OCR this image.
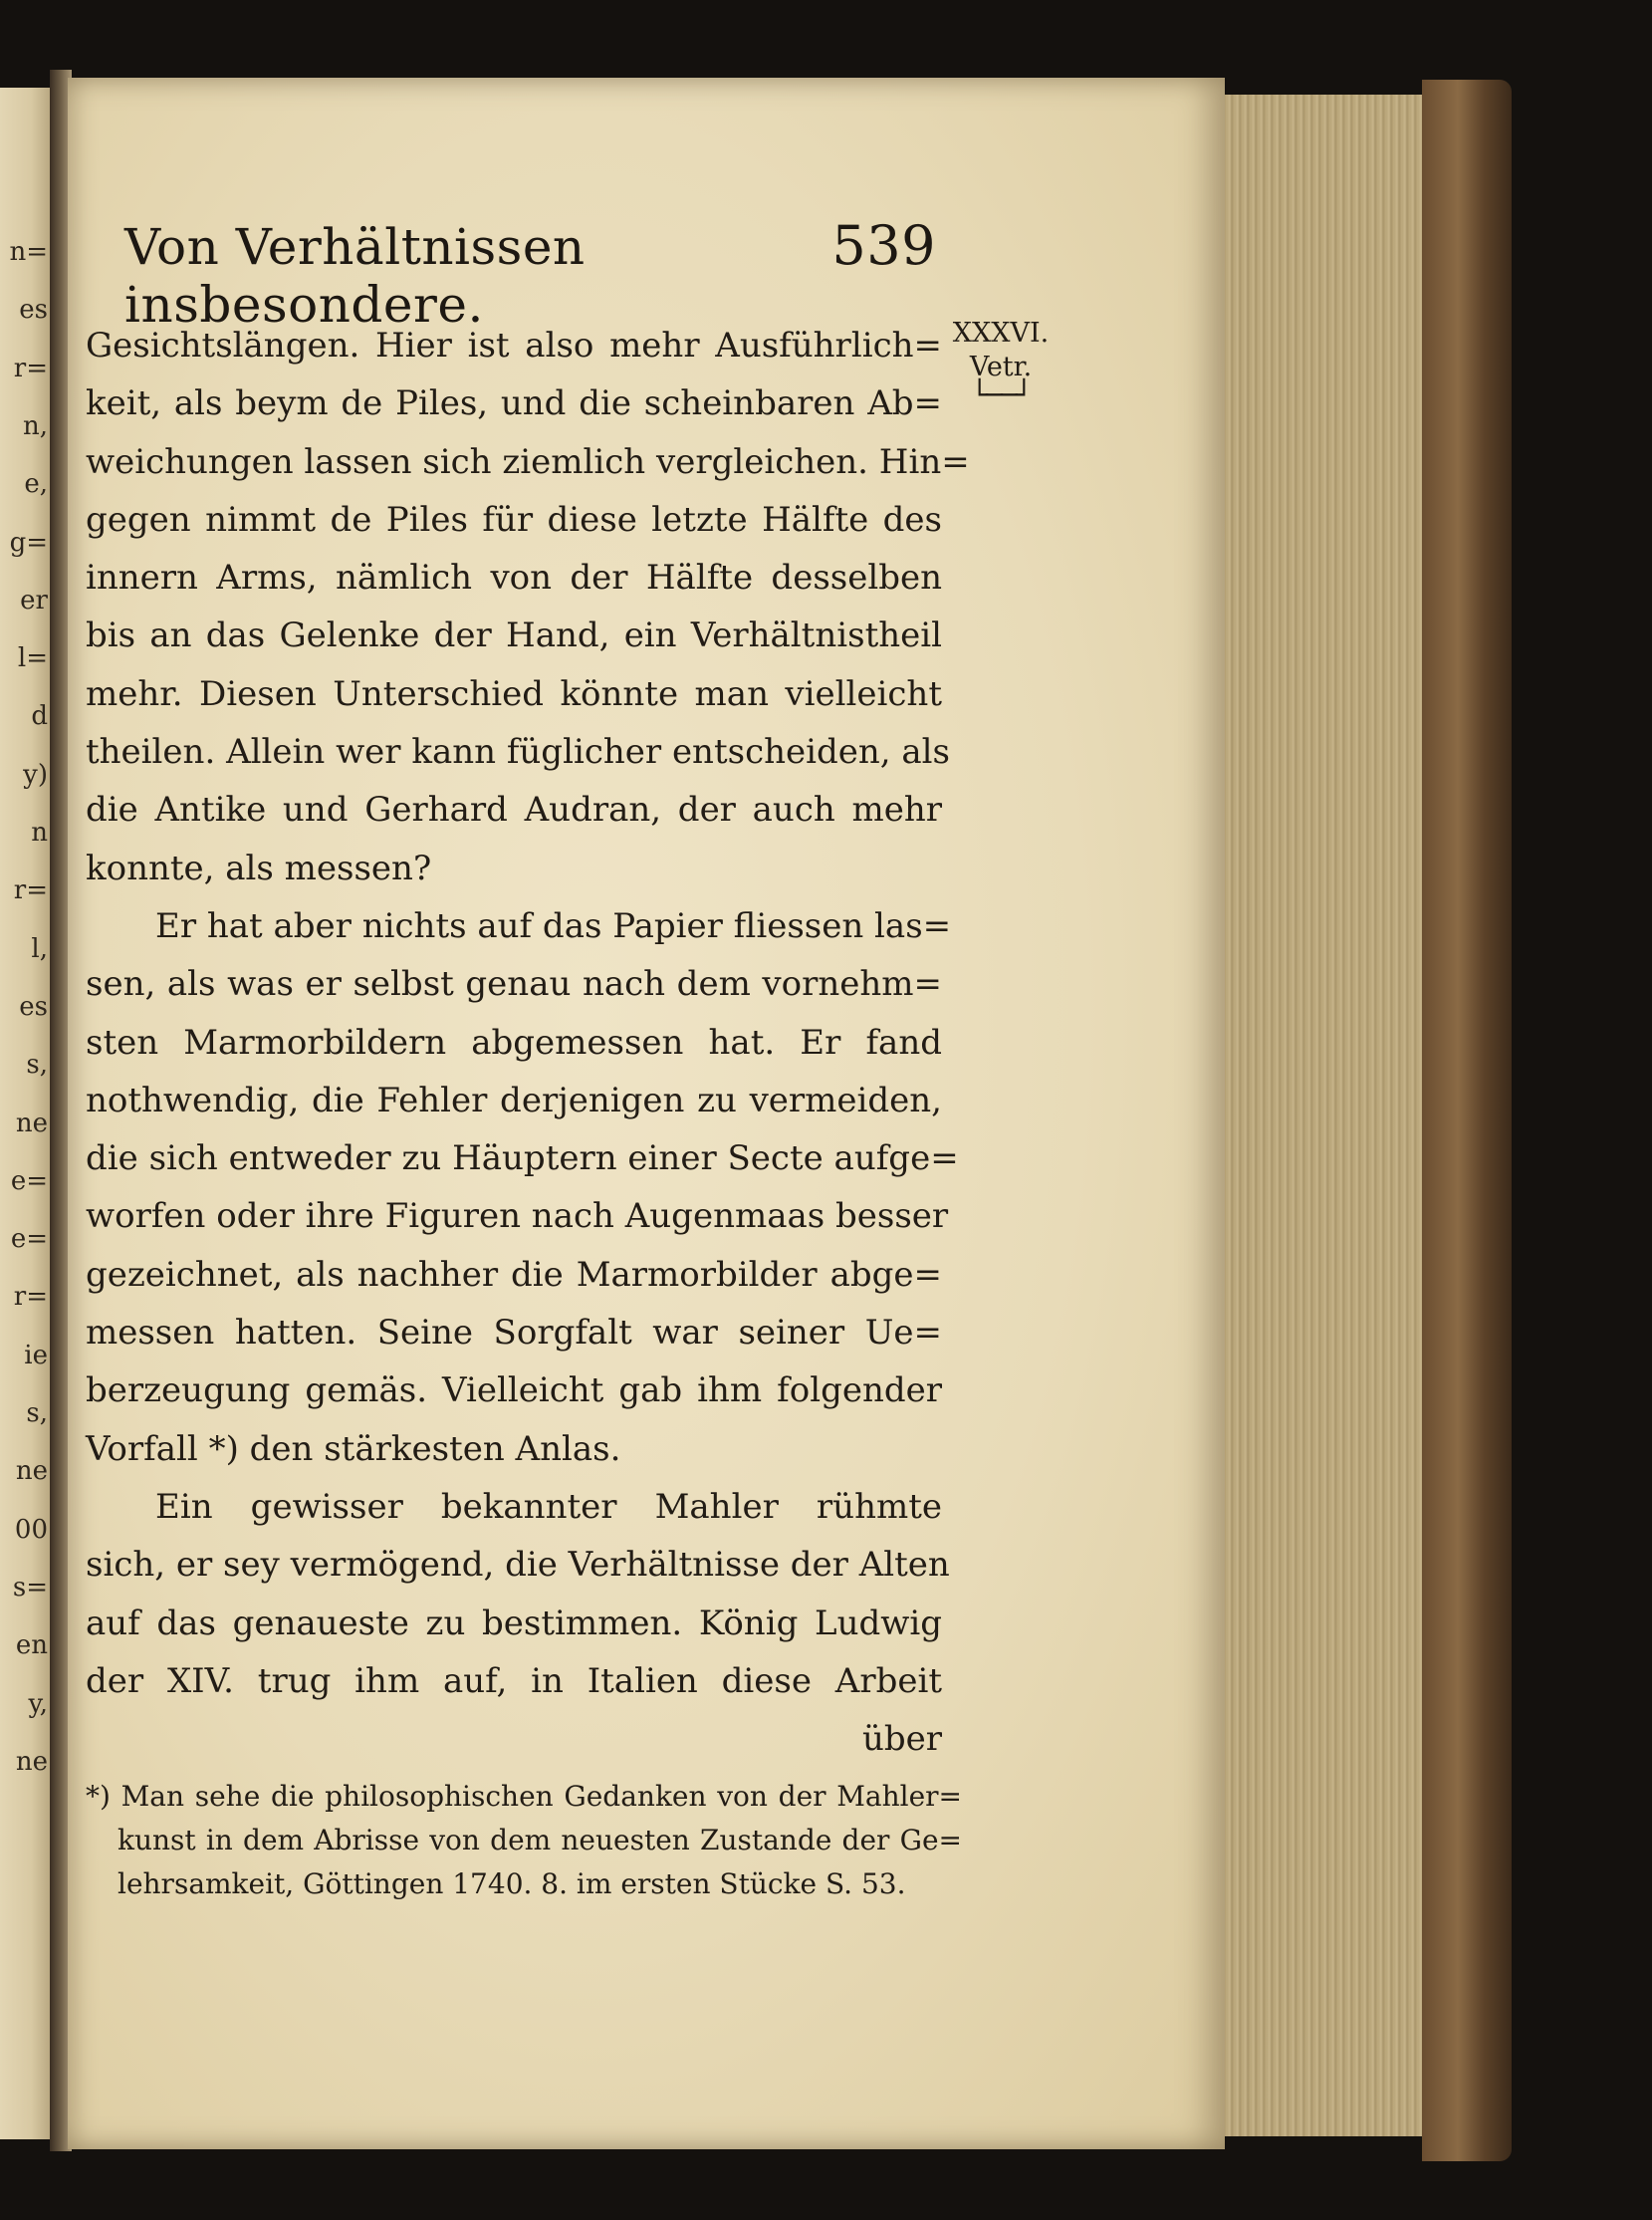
n=
es
r=
n,
e,
g=
er
l=
d
y)
n
r=
l,
es
s,
ne
e=
e=
r=
ie
s,
ne
00
s=
en
y,
ne
Von Verhältnissen insbesondere.
539
XXXVI.
Vetr.
└──┘
Gesichtslängen. Hier ist also mehr Ausführlich=
keit, als beym de Piles, und die scheinbaren Ab=
weichungen lassen sich ziemlich vergleichen. Hin=
gegen nimmt de Piles für diese letzte Hälfte des
innern Arms, nämlich von der Hälfte desselben
bis an das Gelenke der Hand, ein Verhältnistheil
mehr. Diesen Unterschied könnte man vielleicht
theilen. Allein wer kann füglicher entscheiden, als
die Antike und Gerhard Audran, der auch mehr
konnte, als messen?
Er hat aber nichts auf das Papier fliessen las=
sen, als was er selbst genau nach dem vornehm=
sten Marmorbildern abgemessen hat. Er fand
nothwendig, die Fehler derjenigen zu vermeiden,
die sich entweder zu Häuptern einer Secte aufge=
worfen oder ihre Figuren nach Augenmaas besser
gezeichnet, als nachher die Marmorbilder abge=
messen hatten. Seine Sorgfalt war seiner Ue=
berzeugung gemäs. Vielleicht gab ihm folgender
Vorfall *) den stärkesten Anlas.
Ein gewisser bekannter Mahler rühmte
sich, er sey vermögend, die Verhältnisse der Alten
auf das genaueste zu bestimmen. König Ludwig
der XIV. trug ihm auf, in Italien diese Arbeit
über
*) Man sehe die philosophischen Gedanken von der Mahler=
kunst in dem Abrisse von dem neuesten Zustande der Ge=
lehrsamkeit, Göttingen 1740. 8. im ersten Stücke S. 53.
